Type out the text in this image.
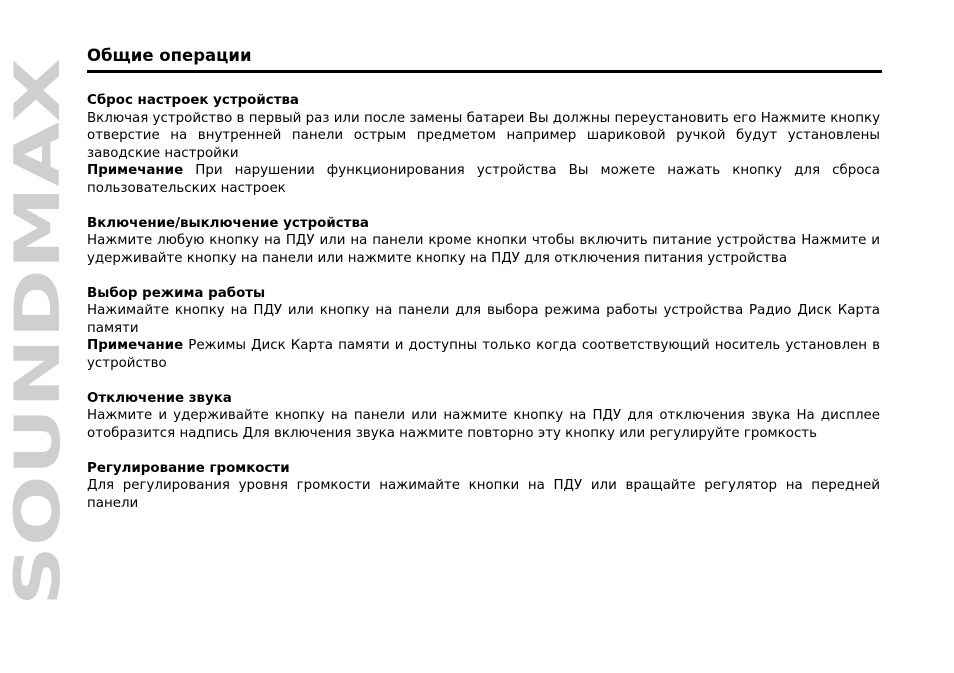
SOUNDMAX
Общие операции
Сброс настроек устройства

Включая устройство в первый раз или после замены батареи Вы должны переустановить его Нажмите кнопку отверстие на внутренней панели острым предметом например шариковой ручкой будут установлены заводские настройки

Примечание При нарушении функционирования устройства Вы можете нажать кнопку для сброса пользовательских настроек

Включение/выключение устройства

Нажмите любую кнопку на ПДУ или на панели кроме кнопки чтобы включить питание устройства Нажмите и удерживайте кнопку на панели или нажмите кнопку на ПДУ для отключения питания устройства

Выбор режима работы

Нажимайте кнопку на ПДУ или кнопку на панели для выбора режима работы устройства Радио Диск Карта памяти

Примечание Режимы Диск Карта памяти и доступны только когда соответствующий носитель установлен в устройство

Отключение звука

Нажмите и удерживайте кнопку на панели или нажмите кнопку на ПДУ для отключения звука На дисплее отобразится надпись Для включения звука нажмите повторно эту кнопку или регулируйте громкость

Регулирование громкости

Для регулирования уровня громкости нажимайте кнопки на ПДУ или вращайте регулятор на передней панели
